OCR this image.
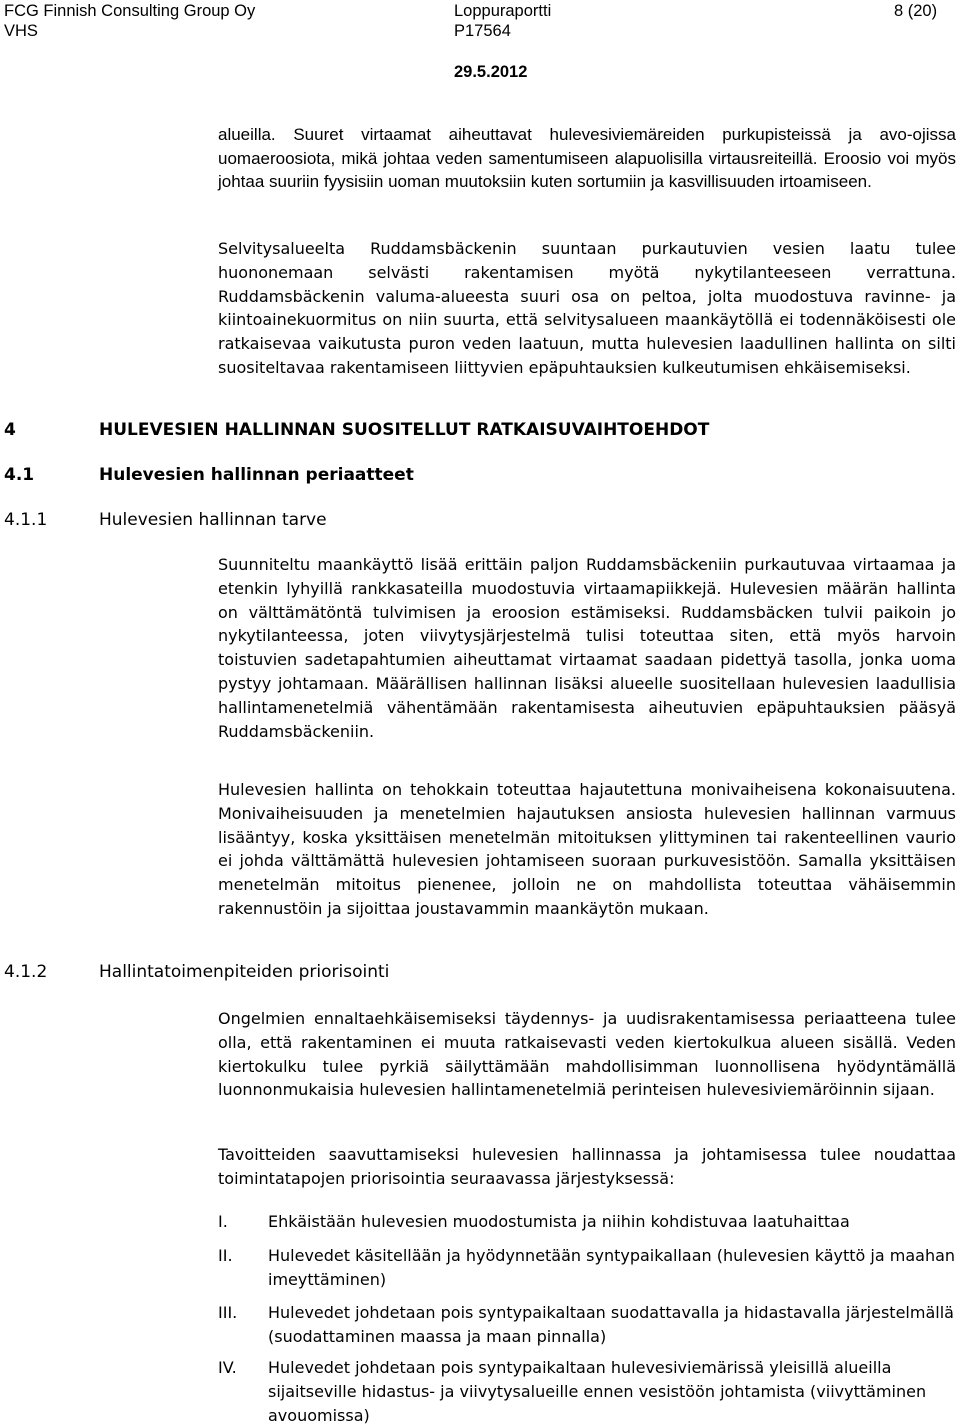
FCG Finnish Consulting Group Oy
VHS
Loppuraportti
P17564
29.5.2012
8 (20)
alueilla. Suuret virtaamat aiheuttavat hulevesiviemäreiden purkupisteissä ja avo-ojissa uomaeroosiota, mikä johtaa veden samentumiseen alapuolisilla virtausreiteillä. Eroosio voi myös johtaa suuriin fyysisiin uoman muutoksiin kuten sortumiin ja kasvillisuuden irtoamiseen.
Selvitysalueelta Ruddamsbäckenin suuntaan purkautuvien vesien laatu tulee huononemaan selvästi rakentamisen myötä nykytilanteeseen verrattuna. Ruddamsbäckenin valuma-alueesta suuri osa on peltoa, jolta muodostuva ravinne- ja kiintoainekuormitus on niin suurta, että selvitysalueen maankäytöllä ei todennäköisesti ole ratkaisevaa vaikutusta puron veden laatuun, mutta hulevesien laadullinen hallinta on silti suositeltavaa rakentamiseen liittyvien epäpuhtauksien kulkeutumisen ehkäisemiseksi.
4	HULEVESIEN HALLINNAN SUOSITELLUT RATKAISUVAIHTOEHDOT
4.1	Hulevesien hallinnan periaatteet
4.1.1	Hulevesien hallinnan tarve
Suunniteltu maankäyttö lisää erittäin paljon Ruddamsbäckeniin purkautuvaa virtaamaa ja etenkin lyhyillä rankkasateilla muodostuvia virtaamapiikkejä. Hulevesien määrän hallinta on välttämätöntä tulvimisen ja eroosion estämiseksi. Ruddamsbäcken tulvii paikoin jo nykytilanteessa, joten viivytysjärjestelmä tulisi toteuttaa siten, että myös harvoin toistuvien sadetapahtumien aiheuttamat virtaamat saadaan pidettyä tasolla, jonka uoma pystyy johtamaan. Määrällisen hallinnan lisäksi alueelle suositellaan hulevesien laadullisia hallintamenetelmiä vähentämään rakentamisesta aiheutuvien epäpuhtauksien pääsyä Ruddamsbäckeniin.
Hulevesien hallinta on tehokkain toteuttaa hajautettuna monivaiheisena kokonaisuutena. Monivaiheisuuden ja menetelmien hajautuksen ansiosta hulevesien hallinnan varmuus lisääntyy, koska yksittäisen menetelmän mitoituksen ylittyminen tai rakenteellinen vaurio ei johda välttämättä hulevesien johtamiseen suoraan purkuvesistöön. Samalla yksittäisen menetelmän mitoitus pienenee, jolloin ne on mahdollista toteuttaa vähäisemmin rakennustöin ja sijoittaa joustavammin maankäytön mukaan.
4.1.2	Hallintatoimenpiteiden priorisointi
Ongelmien ennaltaehkäisemiseksi täydennys- ja uudisrakentamisessa periaatteena tulee olla, että rakentaminen ei muuta ratkaisevasti veden kiertokulkua alueen sisällä. Veden kiertokulku tulee pyrkiä säilyttämään mahdollisimman luonnollisena hyödyntämällä luonnonmukaisia hulevesien hallintamenetelmiä perinteisen hulevesiviemäröinnin sijaan.
Tavoitteiden saavuttamiseksi hulevesien hallinnassa ja johtamisessa tulee noudattaa toimintatapojen priorisointia seuraavassa järjestyksessä:
I.	Ehkäistään hulevesien muodostumista ja niihin kohdistuvaa laatuhaittaa
II. Hulevedet käsitellään ja hyödynnetään syntypaikallaan (hulevesien käyttö ja maahan imeyttäminen)
III. Hulevedet johdetaan pois syntypaikaltaan suodattavalla ja hidastavalla järjestelmällä (suodattaminen maassa ja maan pinnalla)
IV. Hulevedet johdetaan pois syntypaikaltaan hulevesiviemärissä yleisillä alueilla sijaitseville hidastus- ja viivytysalueille ennen vesistöön johtamista (viivyttäminen avouomissa)
